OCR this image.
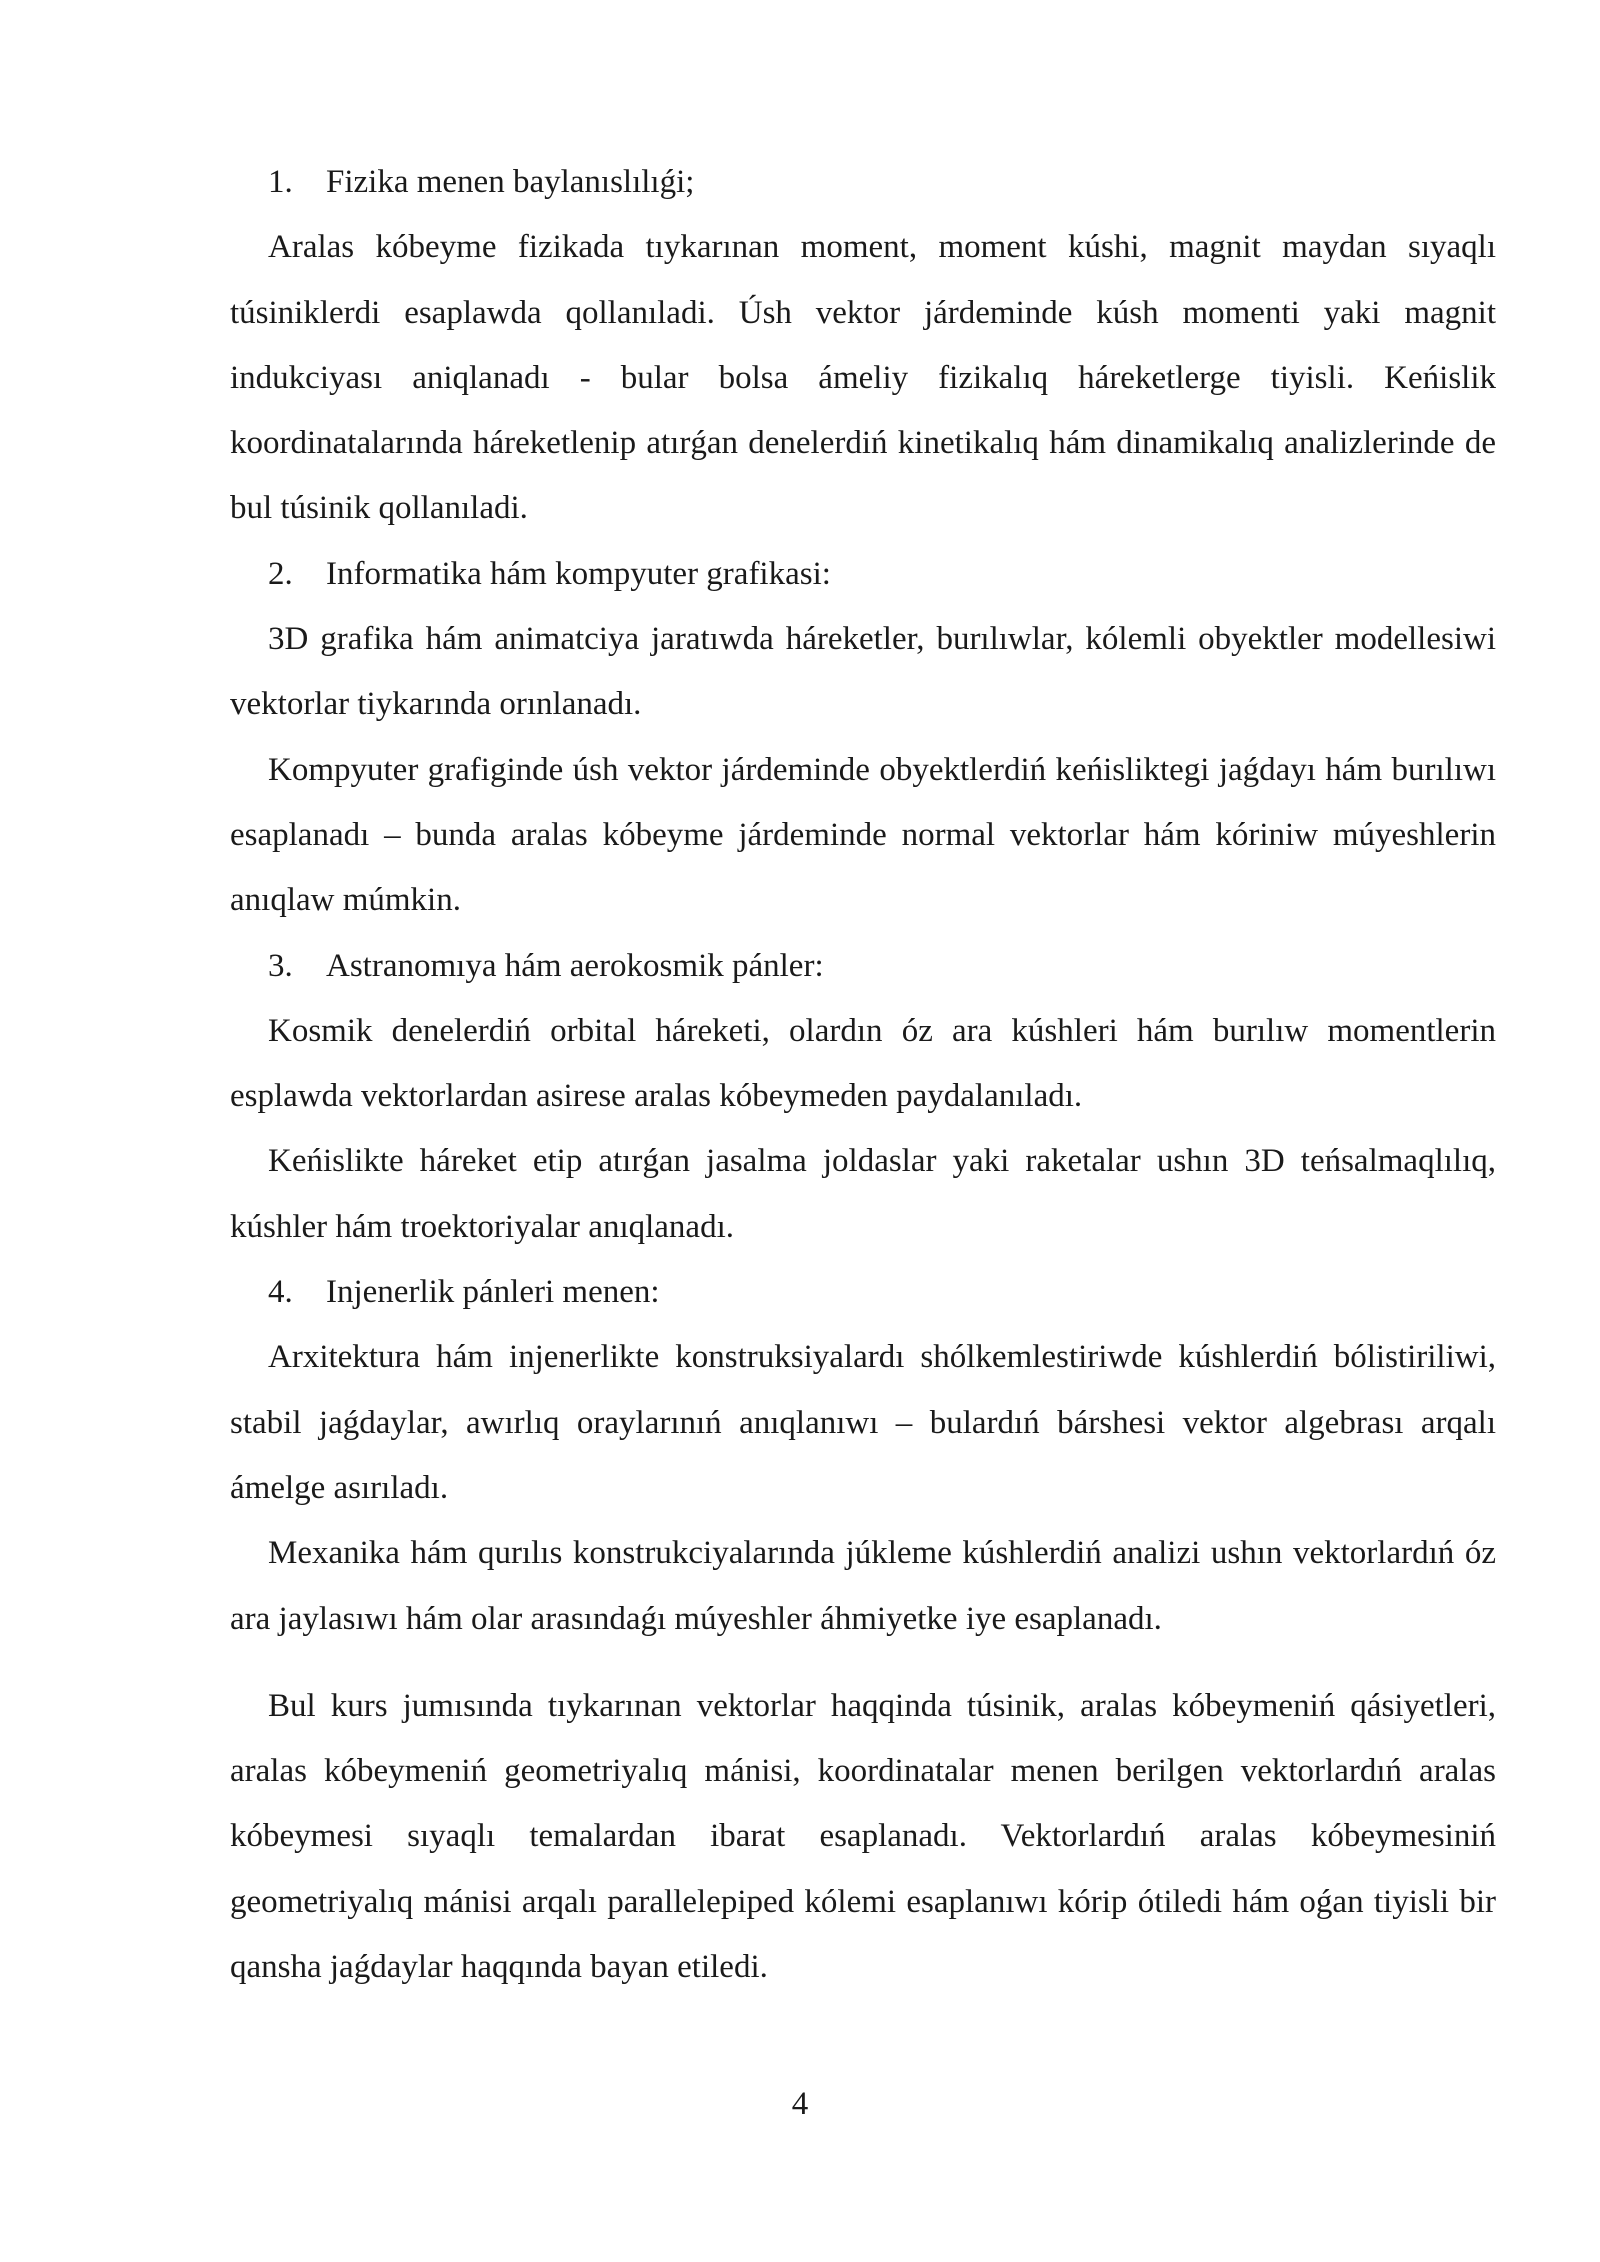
1. Fizika menen baylanıslılıǵi;

Aralas kóbeyme fizikada tıykarınan moment, moment kúshi, magnit maydan sıyaqlı túsiniklerdi esaplawda qollanıladi. Úsh vektor járdeminde kúsh momenti yaki magnit indukciyası aniqlanadı - bular bolsa ámeliy fizikalıq háreketlerge tiyisli. Keńislik koordinatalarında háreketlenip atırǵan denelerdiń kinetikalıq hám dinamikalıq analizlerinde de bul túsinik qollanıladi.

2. Informatika hám kompyuter grafikasi:

3D grafika hám animatciya jaratıwda háreketler, burılıwlar, kólemli obyektler modellesiwi vektorlar tiykarında orınlanadı.

Kompyuter grafiginde úsh vektor járdeminde obyektlerdiń keńisliktegi jaǵdayı hám burılıwı esaplanadı – bunda aralas kóbeyme járdeminde normal vektorlar hám kóriniw múyeshlerin anıqlaw múmkin.

3. Astranomıya hám aerokosmik pánler:

Kosmik denelerdiń orbital háreketi, olardın óz ara kúshleri hám burılıw momentlerin esplawda vektorlardan asirese aralas kóbeymeden paydalanıladı.

Keńislikte háreket etip atırǵan jasalma joldaslar yaki raketalar ushın 3D teńsalmaqlılıq, kúshler hám troektoriyalar anıqlanadı.

4. Injenerlik pánleri menen:

Arxitektura hám injenerlikte konstruksiyalardı shólkemlestiriwde kúshlerdiń bólistiriliwi, stabil jaǵdaylar, awırlıq oraylarınıń anıqlanıwı – bulardıń bárshesi vektor algebrası arqalı ámelge asırıladı.

Mexanika hám qurılıs konstrukciyalarında júkleme kúshlerdiń analizi ushın vektorlardıń óz ara jaylasıwı hám olar arasındaǵı múyeshler áhmiyetke iye esaplanadı.

Bul kurs jumısında tıykarınan vektorlar haqqinda túsinik, aralas kóbeymeniń qásiyetleri, aralas kóbeymeniń geometriyalıq mánisi, koordinatalar menen berilgen vektorlardıń aralas kóbeymesi sıyaqlı temalardan ibarat esaplanadı. Vektorlardıń aralas kóbeymesiniń geometriyalıq mánisi arqalı parallelepiped kólemi esaplanıwı kórip ótiledi hám oǵan tiyisli bir qansha jaǵdaylar haqqında bayan etiledi.

4
